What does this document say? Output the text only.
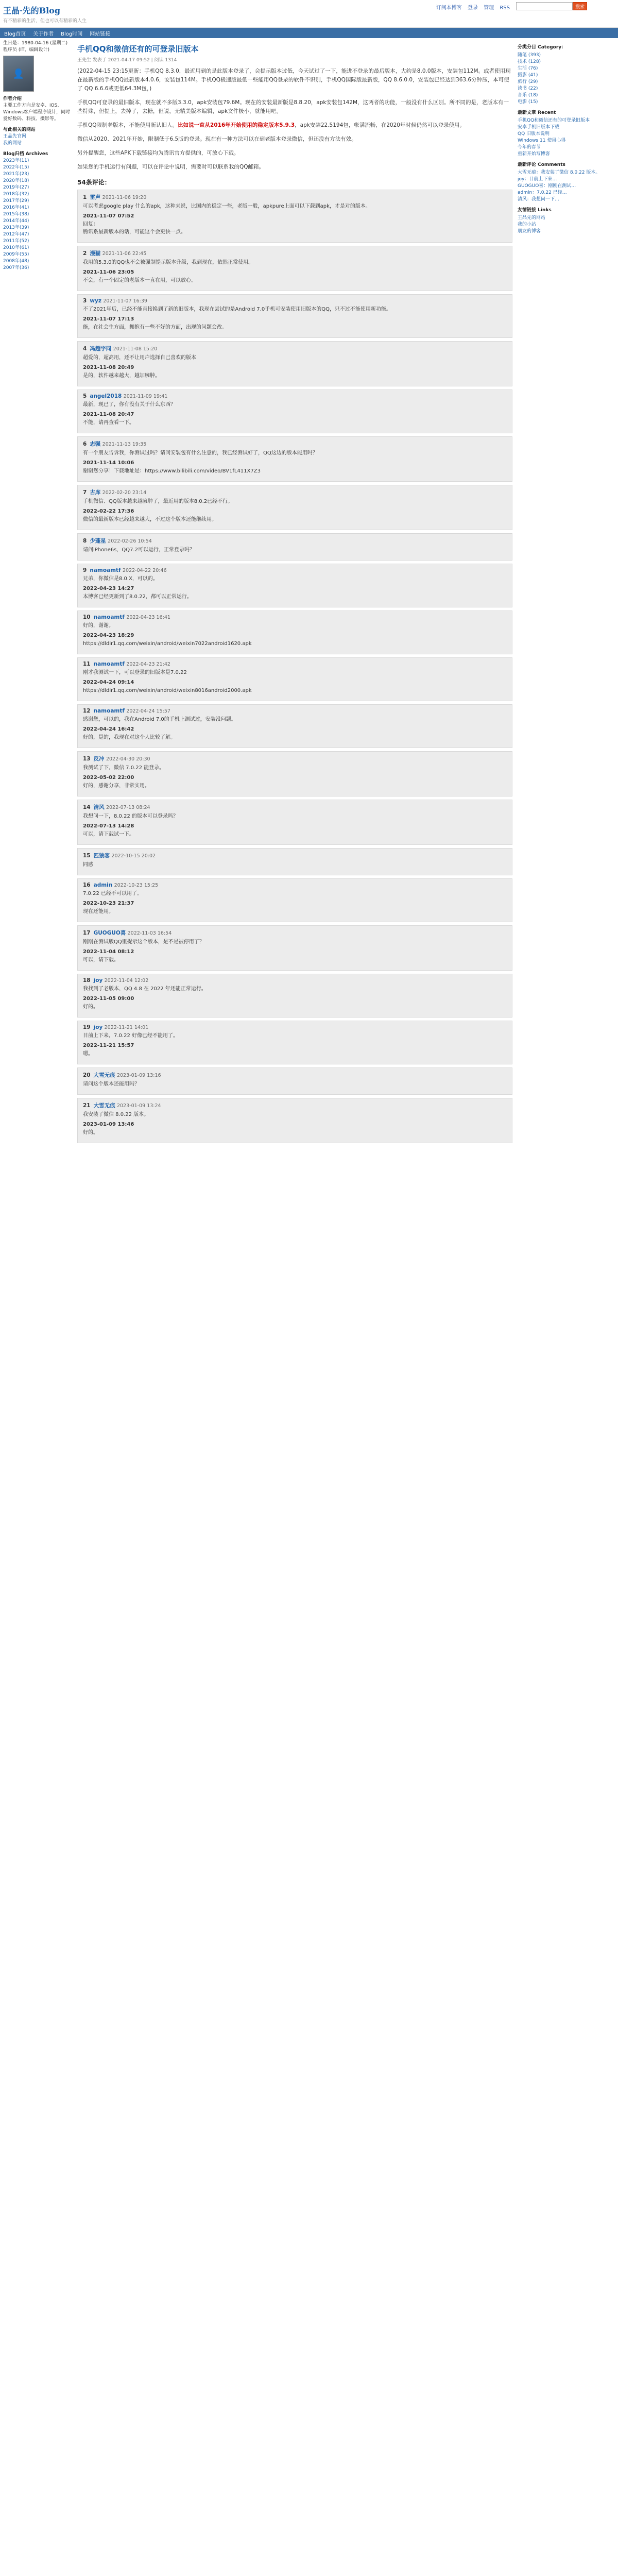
王晶·先的Blog
有不精彩的生活，但也可以有精彩的人生
订阅本博客 登录 管理 RSS	搜索
Blog首页 关于作者 Blog时间 网站链接
生日是：1980-04-16 (星期二)
程序员 (IT、编辑设计)
👤
作者介绍
主要工作方向是安卓、iOS、Windows客户端程序设计，同时爱好数码、科技、摄影等。
与此相关的网站
王晶先官网
我的网站
Blog归档 Archives
2023年(11)
2022年(15)
2021年(23)
2020年(18)
2019年(27)
2018年(32)
2017年(29)
2016年(41)
2015年(38)
2014年(44)
2013年(39)
2012年(47)
2011年(52)
2010年(61)
2009年(55)
2008年(48)
2007年(36)
手机QQ和微信还有的可登录旧版本
王先生 发表于 2021-04-17 09:52 | 阅读 1314

(2022-04-15 23:15更新：手机QQ 8.3.0，最近用到的是此版本登录了，会提示版本过低，今天试过了一下，能进不登录的最后版本，大约是8.0.0版本，安装包112M。或者使用现在最新版的手机QQ最新版本4.0.6，安装包114M。手机QQ极速版最低一些能用QQ登录的软件不识别，手机QQ国际版最新版，QQ 8.6.0.0，安装包已经达到363.6分钟压，本可使了 QQ 6.6.6或更低64.3M包，)

手机QQ可登录的最旧版本，现在就不多版3.3.0，apk安装包79.6M。现在的安装最新版是8.8.20，apk安装包142M，这两者的功能，一般没有什么区别。所不同的是，老版本有一些特殊，但提上，去掉了，去糖，但说，无精美版本编辑，apk文件极小，就能用吧。

手机QQ限制老版本，不能使用新认旧人。比如说一直从2016年开始使用的稳定版本5.9.3，apk安装22.5194包，帐满流畅，在2020年时候仍然可以登录使用。

微信从2020、2021年开始，限制低于6.5版的登录。现在有一种方法可以在到老版本登录微信，但还没有方法有效。

另外提醒您，这些APK下载链接均为腾讯官方提供的，可放心下载。

如果您的手机运行有问题，可以在评论中说明，需要时可以联系我的QQ邮箱。

54条评论：
1 雷声 2021-11-06 19:20
可以考虑google play 什么的apk，这种来说，比国内的稳定一些，老版一般，apkpure上面可以下载到apk，才是对的版本。
2021-11-07 07:52
回复：
腾讯系最新版本的话，可能这个会更快一点。
2 漫猫 2021-11-06 22:45
我用的5.3.0的QQ也不会被强制提示版本升级，我到现在，依然正常使用。
2021-11-06 23:05
不会，有一个固定的老版本一直在用，可以放心。
3 wyz 2021-11-07 16:39
不了2021年后，已经不能直接换到了新的旧版本，我现在尝试的是Android 7.0手机可安装使用旧版本的QQ，只不过不能使用新功能。
2021-11-07 17:13
能，在社会生方面，拥抱有一些不好的方面，出现的问题会改。
4 冯超宇同 2021-11-08 15:20
超爱的，超高用，还不让用户选择自己喜欢的版本
2021-11-08 20:49
是的，软件越来越大，越加臃肿。
5 angel2018 2021-11-09 19:41
最新，现已了，你有没有关于什么东西？
2021-11-08 20:47
不能，请再查看一下。
6 志强 2021-11-13 19:35
有一个朋友告诉我，你测试过吗？请问安装包有什么注意的，我已经测试好了，QQ这边的版本能用吗？
2021-11-14 10:06
谢谢您分享！下载地址是：https://www.bilibili.com/video/BV1fL411X7Z3
7 古库 2022-02-20 23:14
手机微信、QQ版本越来越臃肿了，最近用的版本8.0.2已经不行。
2022-02-22 17:36
微信的最新版本已经越来越大，不过这个版本还能继续用。
8 少蓬星 2022-02-26 10:54
请问iPhone6s，QQ7.2可以运行，正常登录吗？
9 namoamtf 2022-04-22 20:46
兄弟，你微信是8.0.X，可以的。
2022-04-23 14:27
本博客已经更新到了8.0.22，都可以正常运行。
10 namoamtf 2022-04-23 16:41
好的，谢谢。
2022-04-23 18:29
https://dldir1.qq.com/weixin/android/weixin7022android1620.apk
11 namoamtf 2022-04-23 21:42
刚才我测试一下，可以登录的旧版本是7.0.22
2022-04-24 09:14
https://dldir1.qq.com/weixin/android/weixin8016android2000.apk
12 namoamtf 2022-04-24 15:57
感谢您，可以的，我在Android 7.0的手机上测试过，安装没问题。
2022-04-24 16:42
好的，是的，我现在对这个人比较了解。
13 反冲 2022-04-30 20:30
我测试了下，微信 7.0.22 能登录。
2022-05-02 22:00
好的，感谢分享，非常实用。
14 清风 2022-07-13 08:24
我想问一下，8.0.22 的版本可以登录吗？
2022-07-13 14:28
可以，请下载试一下。
15 匹狼客 2022-10-15 20:02
同感
16 admin 2022-10-23 15:25
7.0.22 已经不可以用了。
2022-10-23 21:37
现在还能用。
17 GUOGUO喜 2022-11-03 16:54
刚刚在测试版QQ里提示这个版本，是不是被停用了？
2022-11-04 08:12
可以，请下载。
18 joy 2022-11-04 12:02
我找到了老版本，QQ 4.8 在 2022 年还能正常运行。
2022-11-05 09:00
好的。
19 joy 2022-11-21 14:01
目前上下来，7.0.22 好像已经不能用了。
2022-11-21 15:57
嗯。
20 大雪无痕 2023-01-09 13:16
请问这个版本还能用吗？
21 大雪无痕 2023-01-09 13:24
我安装了微信 8.0.22 版本。
2023-01-09 13:46
好的。
分类分目 Category：
随笔 (393)
技术 (128)
生活 (76)
摄影 (41)
旅行 (29)
读书 (22)
音乐 (18)
电影 (15)
最新文章 Recent
手机QQ和微信还有的可登录旧版本
安卓手机旧版本下载
QQ 旧版本说明
Windows 11 使用心得
今年的春节
重新开始写博客
最新评论 Comments
大雪无痕：我安装了微信 8.0.22 版本。
joy：目前上下来…
GUOGUO喜：刚刚在测试…
admin：7.0.22 已经…
清风：我想问一下…
友情链接 Links
王晶先的网站
我的小站
朋友的博客
